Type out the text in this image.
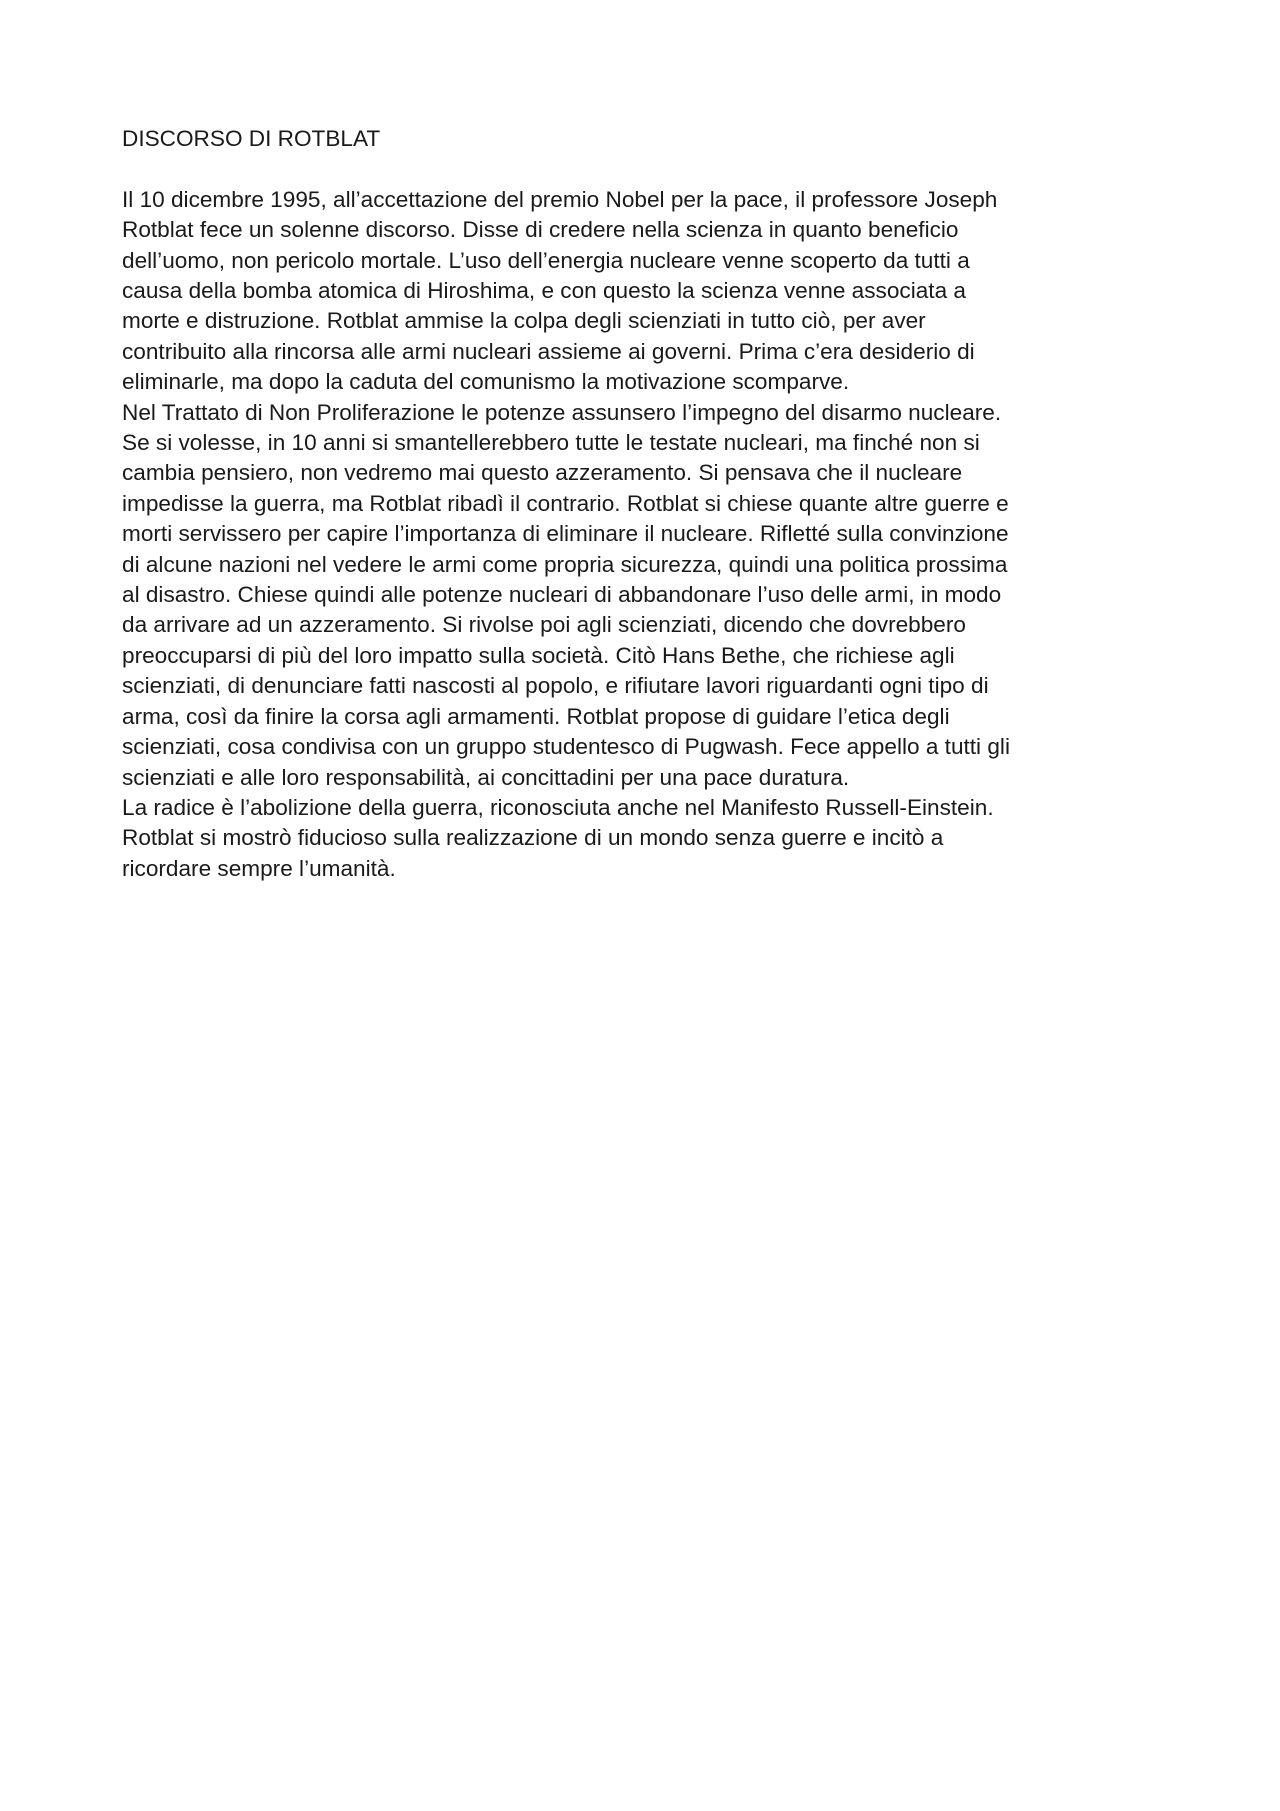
DISCORSO DI ROTBLAT
Il 10 dicembre 1995, all’accettazione del premio Nobel per la pace, il professore Joseph
Rotblat fece un solenne discorso. Disse di credere nella scienza in quanto beneficio
dell’uomo, non pericolo mortale. L’uso dell’energia nucleare venne scoperto da tutti a
causa della bomba atomica di Hiroshima, e con questo la scienza venne associata a
morte e distruzione. Rotblat ammise la colpa degli scienziati in tutto ciò, per aver
contribuito alla rincorsa alle armi nucleari assieme ai governi. Prima c’era desiderio di
eliminarle, ma dopo la caduta del comunismo la motivazione scomparve.
Nel Trattato di Non Proliferazione le potenze assunsero l’impegno del disarmo nucleare.
Se si volesse, in 10 anni si smantellerebbero tutte le testate nucleari, ma finché non si
cambia pensiero, non vedremo mai questo azzeramento. Si pensava che il nucleare
impedisse la guerra, ma Rotblat ribadì il contrario. Rotblat si chiese quante altre guerre e
morti servissero per capire l’importanza di eliminare il nucleare. Rifletté sulla convinzione
di alcune nazioni nel vedere le armi come propria sicurezza, quindi una politica prossima
al disastro. Chiese quindi alle potenze nucleari di abbandonare l’uso delle armi, in modo
da arrivare ad un azzeramento. Si rivolse poi agli scienziati, dicendo che dovrebbero
preoccuparsi di più del loro impatto sulla società. Citò Hans Bethe, che richiese agli
scienziati, di denunciare fatti nascosti al popolo, e rifiutare lavori riguardanti ogni tipo di
arma, così da finire la corsa agli armamenti. Rotblat propose di guidare l’etica degli
scienziati, cosa condivisa con un gruppo studentesco di Pugwash. Fece appello a tutti gli
scienziati e alle loro responsabilità, ai concittadini per una pace duratura.
La radice è l’abolizione della guerra, riconosciuta anche nel Manifesto Russell-Einstein.
Rotblat si mostrò fiducioso sulla realizzazione di un mondo senza guerre e incitò a
ricordare sempre l’umanità.
